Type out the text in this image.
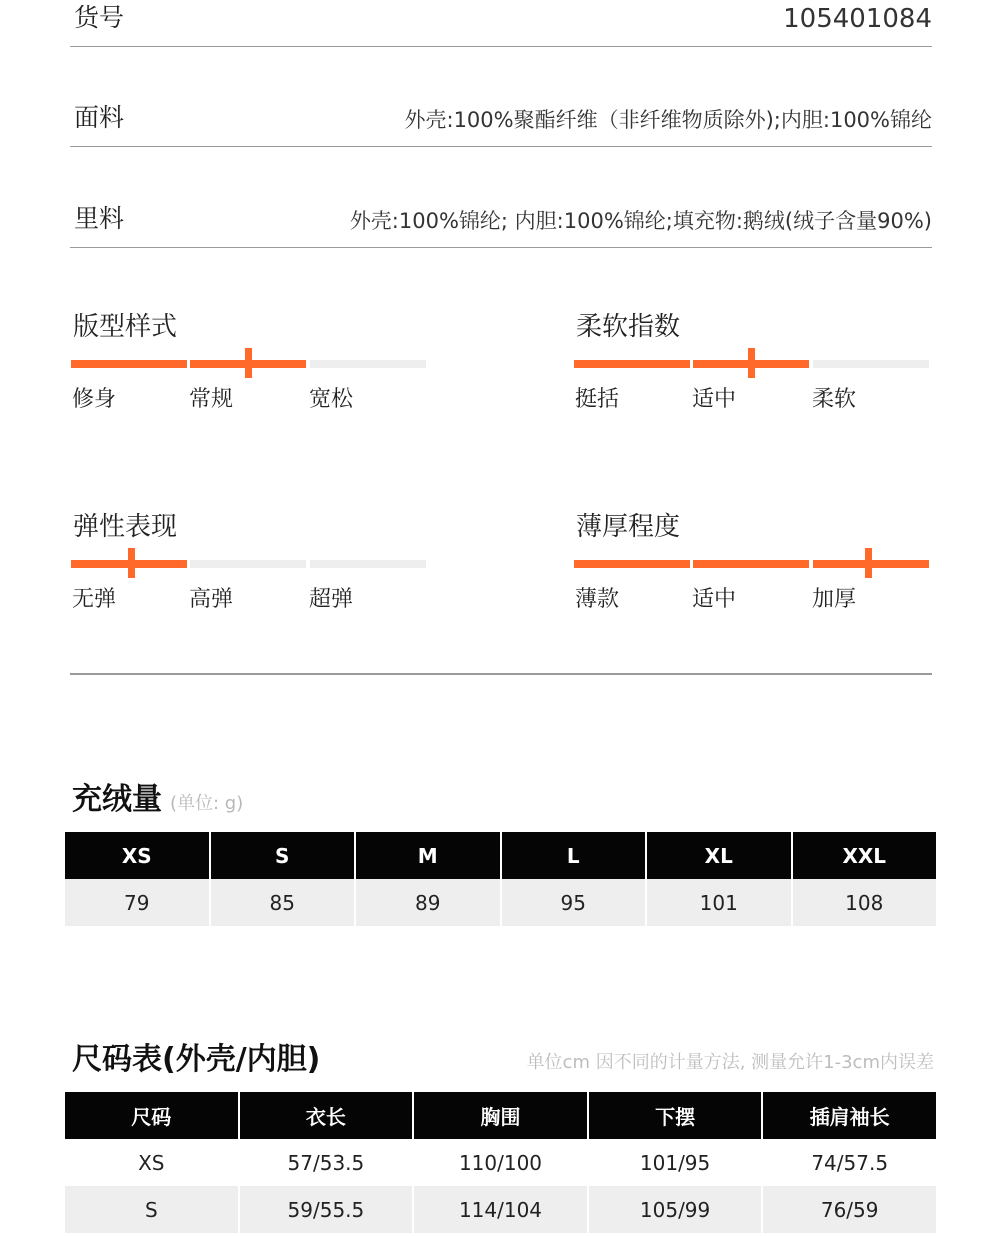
货号	105401084
面料	外壳:100%聚酯纤维（非纤维物质除外);内胆:100%锦纶
里料	外壳:100%锦纶; 内胆:100%锦纶;填充物:鹅绒(绒子含量90%)
版型样式
修身	常规	宽松
柔软指数
挺括	适中	柔软
弹性表现
无弹	高弹	超弹
薄厚程度
薄款	适中	加厚
充绒量 (单位: g)
XS	S	M	L	XL	XXL
79	85	89	95	101	108
尺码表(外壳/内胆)	单位cm 因不同的计量方法, 测量允许1-3cm内误差
尺码	衣长	胸围	下摆	插肩袖长
XS	57/53.5	110/100	101/95	74/57.5
S	59/55.5	114/104	105/99	76/59
